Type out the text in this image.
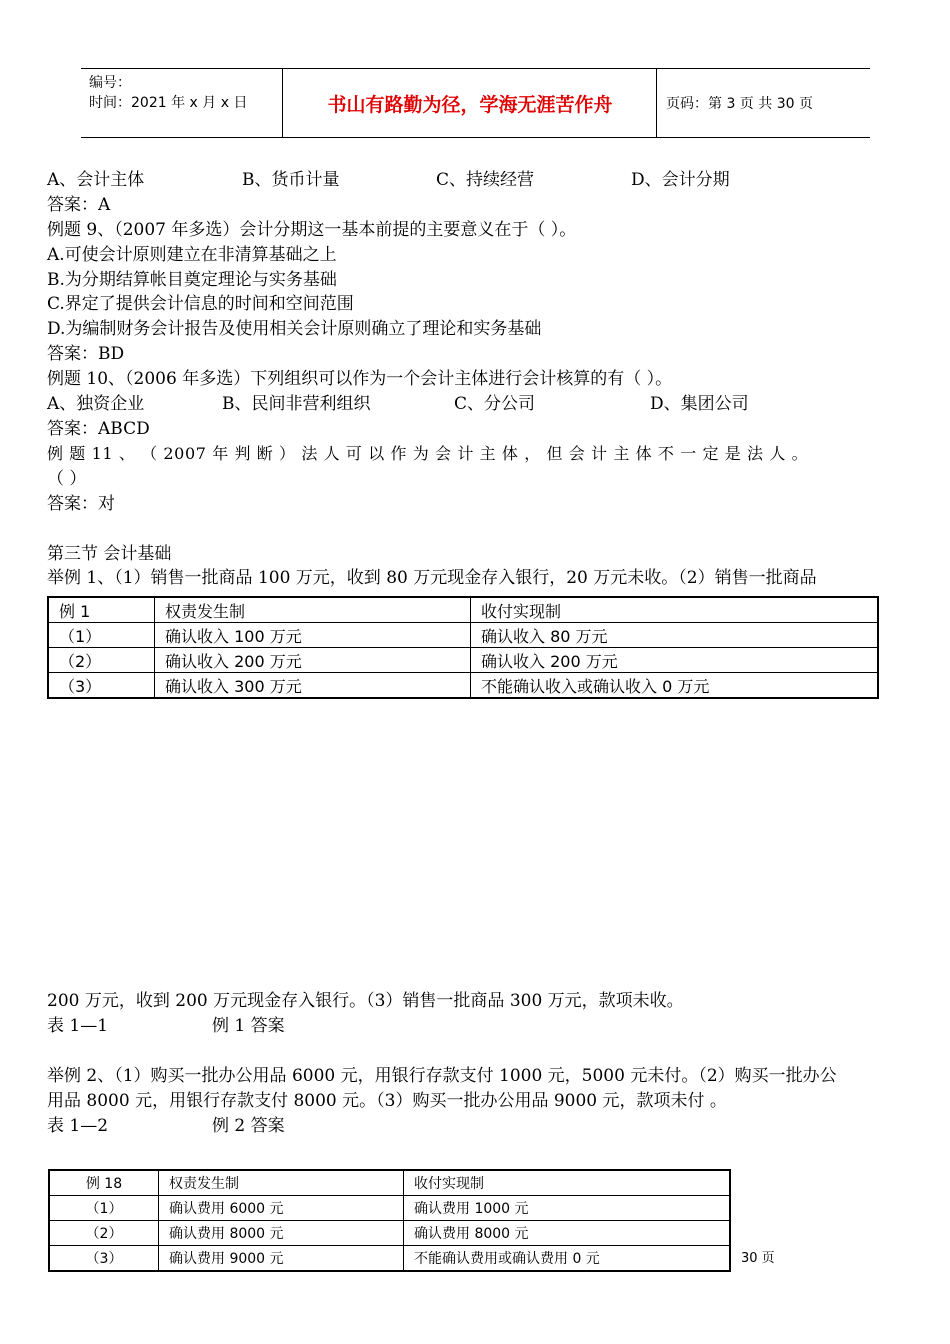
编号：
时间：2021 年 x 月 x 日	书山有路勤为径，学海无涯苦作舟	页码：第 3 页 共 30 页
A、会计主体	B、货币计量	C、持续经营	D、会计分期
答案：A
例题 9、（2007 年多选）会计分期这一基本前提的主要意义在于（ ）。
A.可使会计原则建立在非清算基础之上
B.为分期结算帐目奠定理论与实务基础
C.界定了提供会计信息的时间和空间范围
D.为编制财务会计报告及使用相关会计原则确立了理论和实务基础
答案：BD
例题 10、（2006 年多选）下列组织可以作为一个会计主体进行会计核算的有（ ）。
A、独资企业	B、民间非营利组织	C、分公司	D、集团公司
答案：ABCD
例 题 11 、 （ 2007 年 判 断 ） 法 人 可 以 作 为 会 计 主 体 ， 但 会 计 主 体 不 一 定 是 法 人 。
（ ）
答案：对
第三节 会计基础
举例 1、（1）销售一批商品 100 万元，收到 80 万元现金存入银行，20 万元未收。（2）销售一批商品
例 1	权责发生制	收付实现制
（1）	确认收入 100 万元	确认收入 80 万元
（2）	确认收入 200 万元	确认收入 200 万元
（3）	确认收入 300 万元	不能确认收入或确认收入 0 万元
200 万元，收到 200 万元现金存入银行。（3）销售一批商品 300 万元，款项未收。
表 1—1	例 1 答案
举例 2、（1）购买一批办公用品 6000 元，用银行存款支付 1000 元，5000 元未付。（2）购买一批办公
用品 8000 元，用银行存款支付 8000 元。（3）购买一批办公用品 9000 元，款项未付 。
表 1—2	例 2 答案
例 18	权责发生制	收付实现制
（1）	确认费用 6000 元	确认费用 1000 元
（2）	确认费用 8000 元	确认费用 8000 元
（3）	确认费用 9000 元	不能确认费用或确认费用 0 元	30 页
